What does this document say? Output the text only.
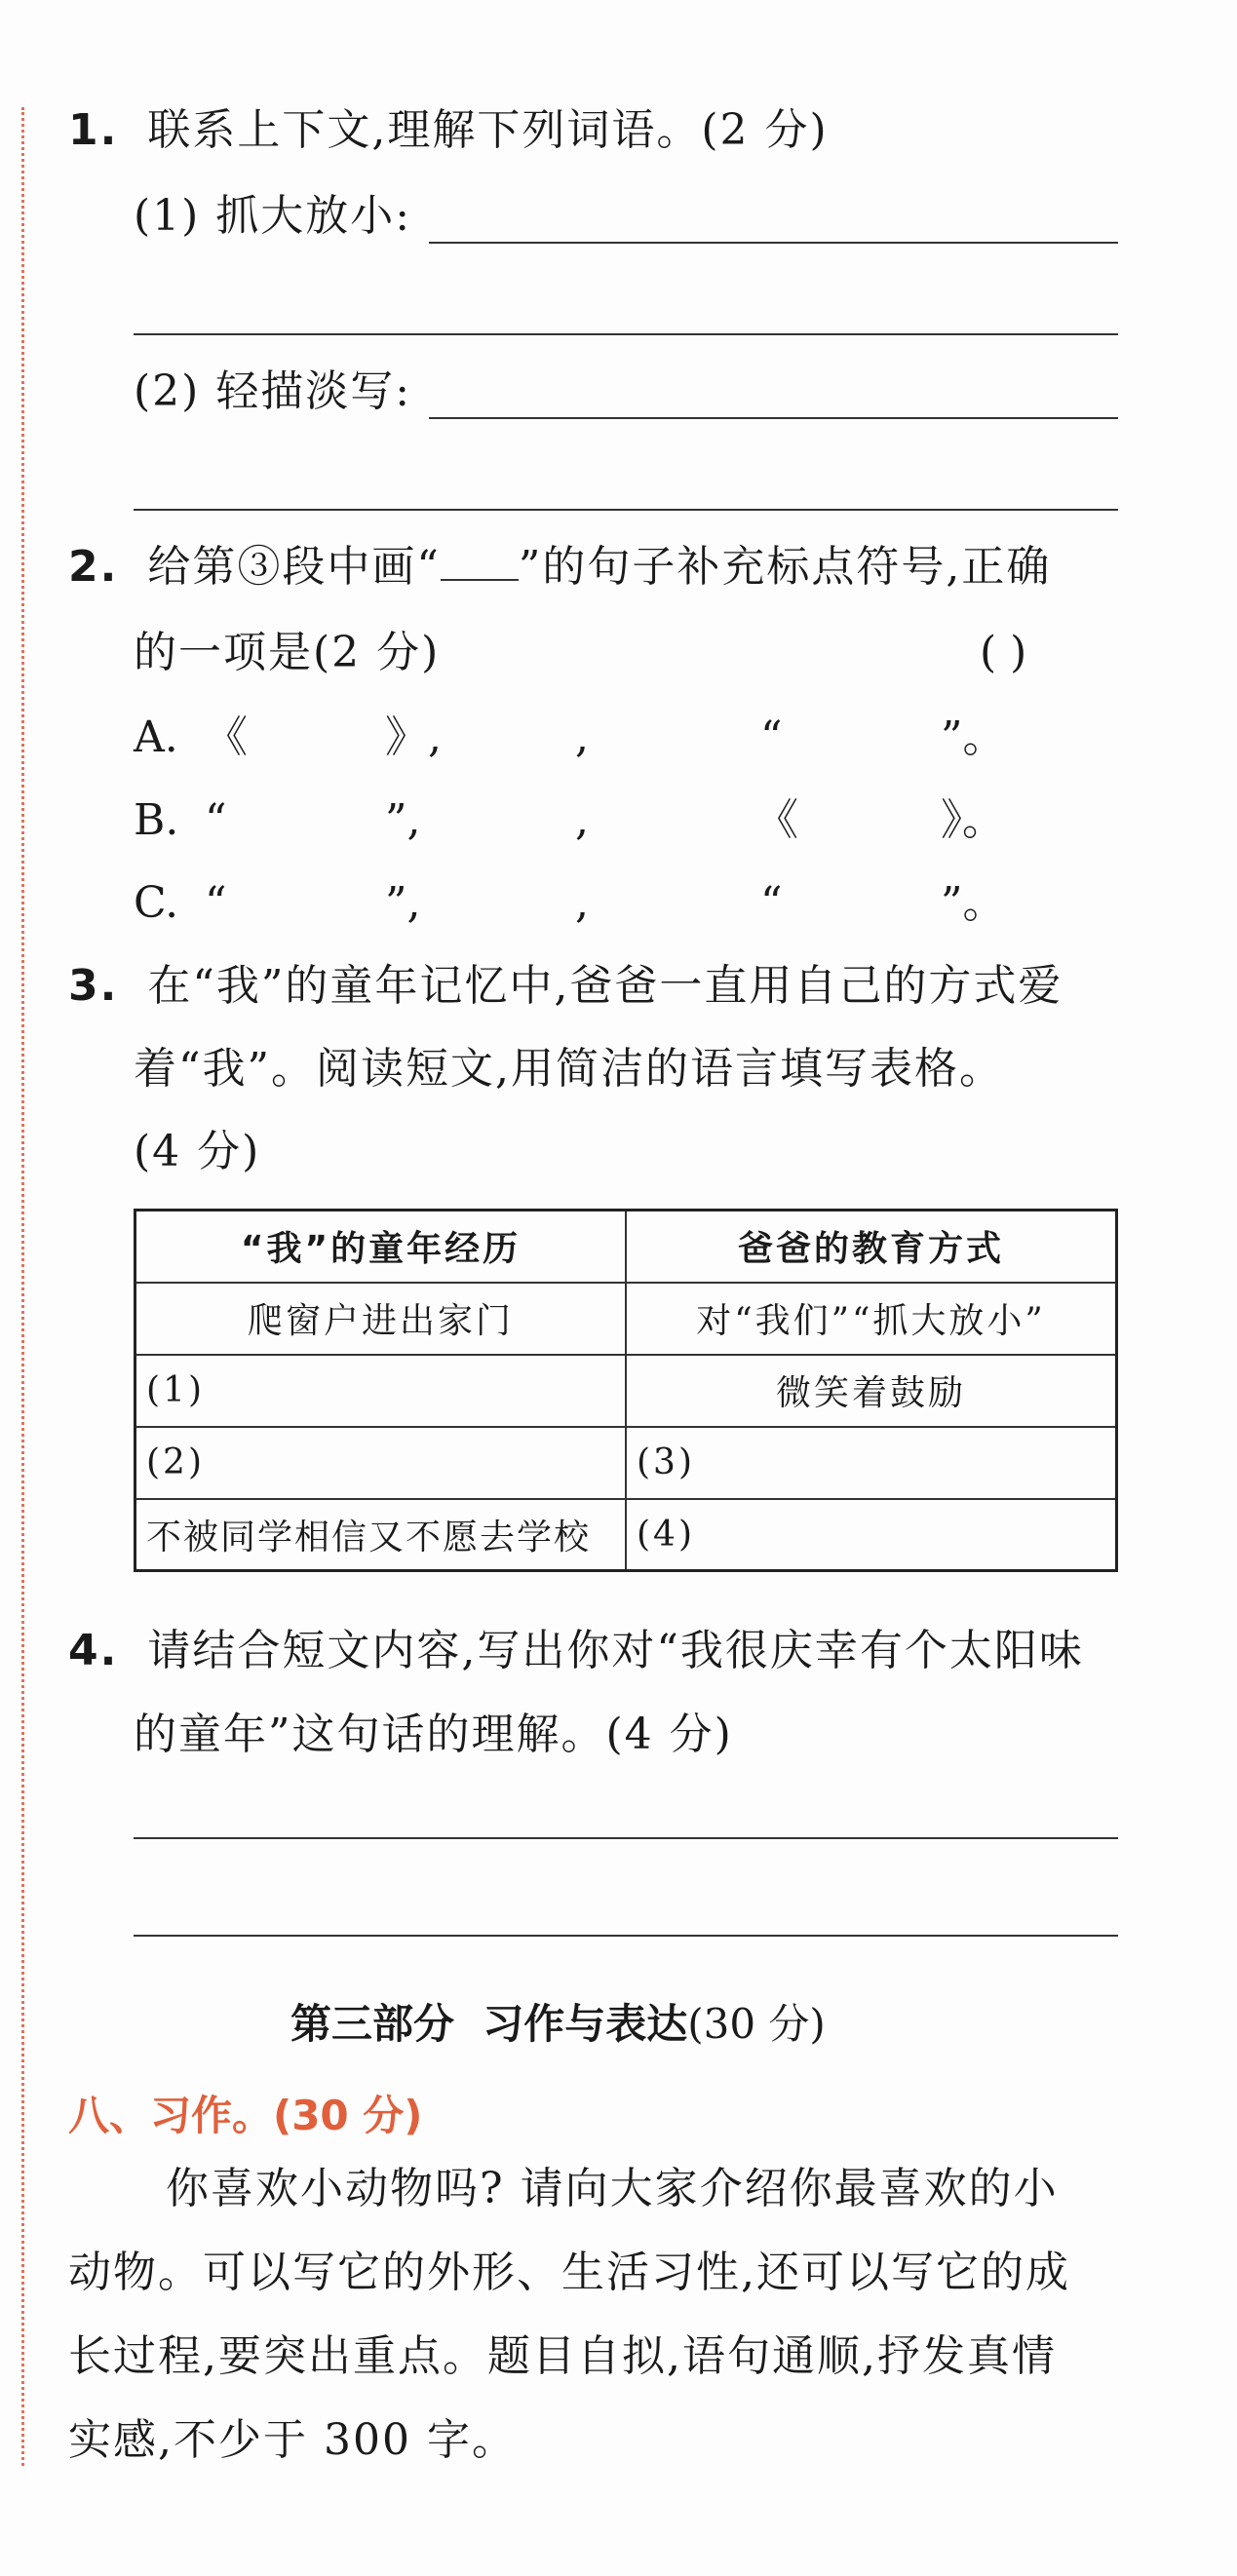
1. 联系上下文,理解下列词语。(2 分)
(1) 抓大放小:
(2) 轻描淡写:
2. 给第③段中画“ ”的句子补充标点符号,正确
的一项是(2 分)	( )
A. 《	》,	,	“	”。
B. “	”,	,	《	》。
C. “	”,	,	“	”。
3. 在“我”的童年记忆中,爸爸一直用自己的方式爱
着“我”。阅读短文,用简洁的语言填写表格。
(4 分)
“我”的童年经历	爸爸的教育方式
爬窗户进出家门	对“我们”“抓大放小”
(1)	微笑着鼓励
(2)	(3)
不被同学相信又不愿去学校	(4)
4. 请结合短文内容,写出你对“我很庆幸有个太阳味
的童年”这句话的理解。(4 分)
第三部分  习作与表达(30 分)
八、习作。(30 分)
你喜欢小动物吗? 请向大家介绍你最喜欢的小
动物。可以写它的外形、生活习性,还可以写它的成
长过程,要突出重点。题目自拟,语句通顺,抒发真情
实感,不少于 300 字。
